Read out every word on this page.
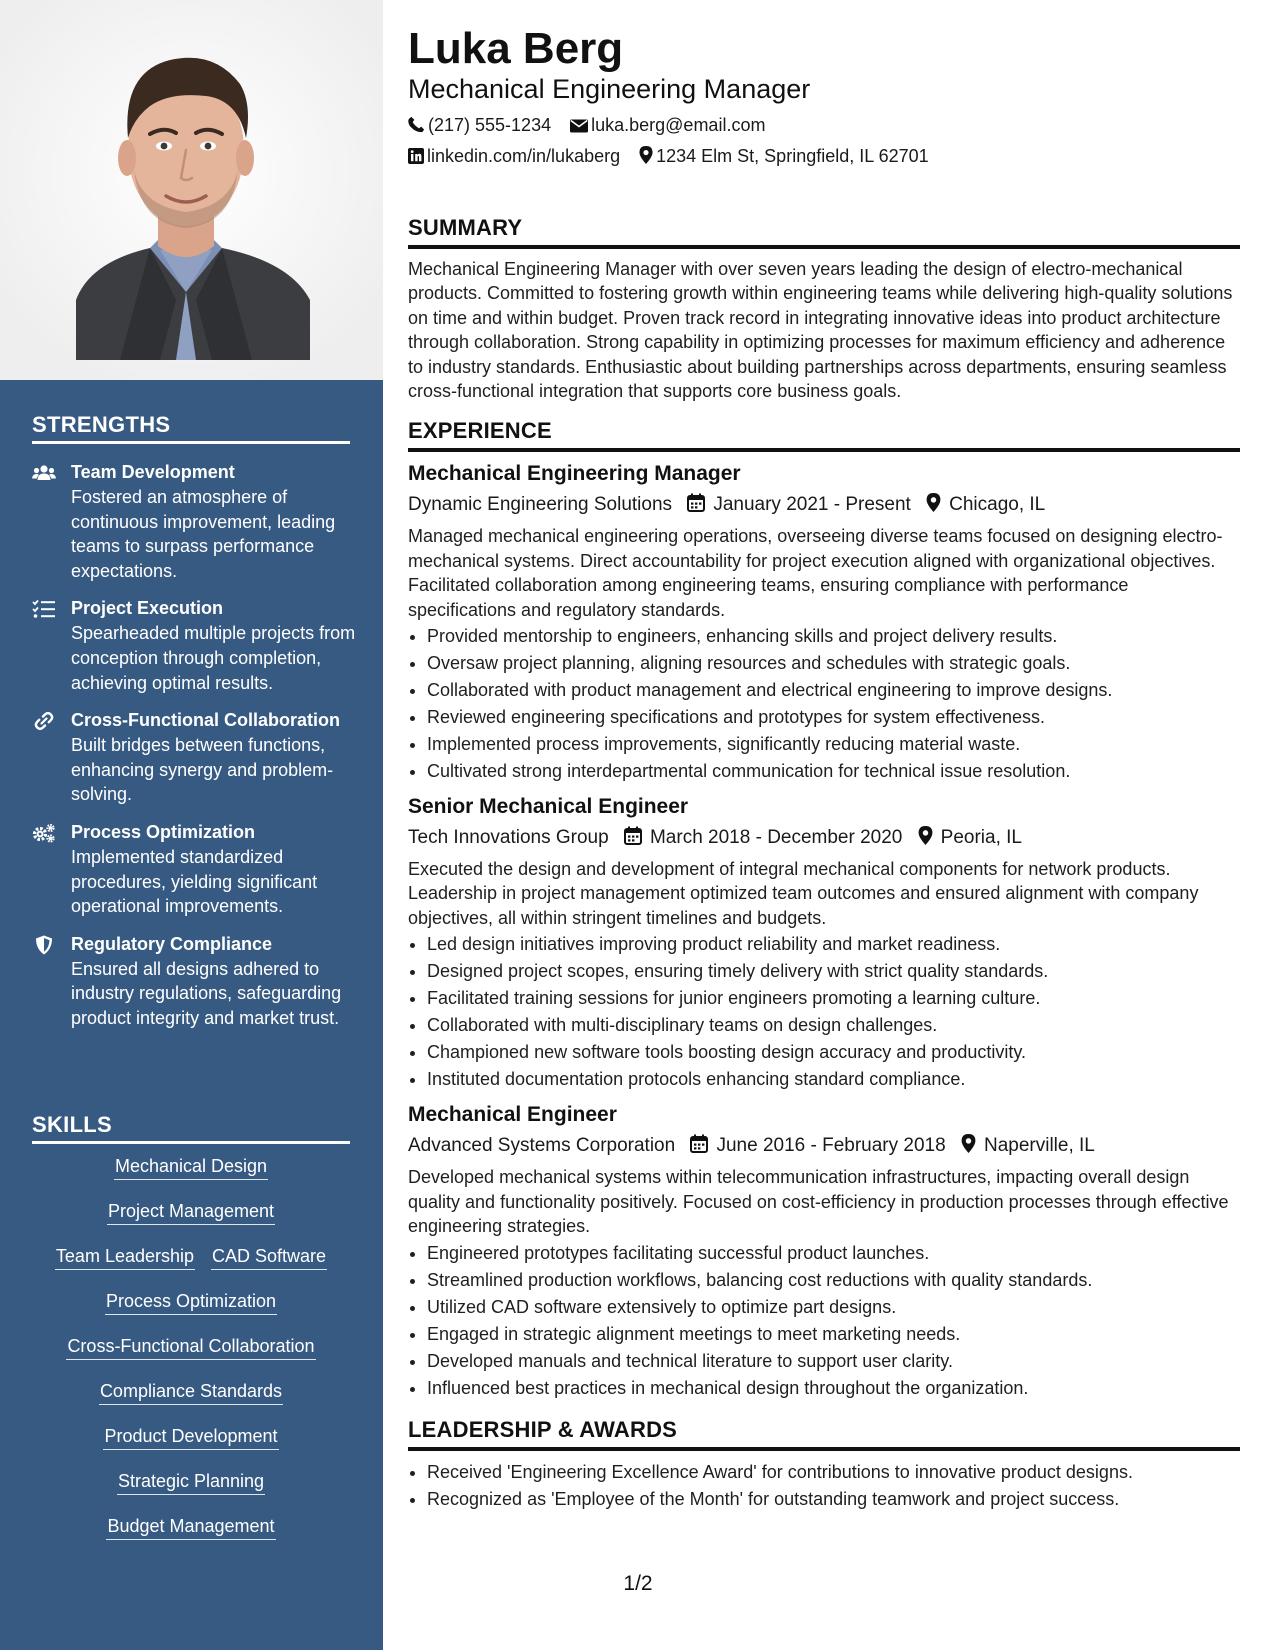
STRENGTHS
Team Development
Fostered an atmosphere of continuous improvement, leading teams to surpass performance expectations.
Project Execution
Spearheaded multiple projects from conception through completion, achieving optimal results.
Cross-Functional Collaboration
Built bridges between functions, enhancing synergy and problem-solving.
Process Optimization
Implemented standardized procedures, yielding significant operational improvements.
Regulatory Compliance
Ensured all designs adhered to industry regulations, safeguarding product integrity and market trust.
SKILLS
Mechanical Design
Project Management
Team Leadership CAD Software
Process Optimization
Cross-Functional Collaboration
Compliance Standards
Product Development
Strategic Planning
Budget Management
Luka Berg
Mechanical Engineering Manager
(217) 555-1234 luka.berg@email.com
linkedin.com/in/lukaberg 1234 Elm St, Springfield, IL 62701
SUMMARY
Mechanical Engineering Manager with over seven years leading the design of electro-mechanical products. Committed to fostering growth within engineering teams while delivering high-quality solutions on time and within budget. Proven track record in integrating innovative ideas into product architecture through collaboration. Strong capability in optimizing processes for maximum efficiency and adherence to industry standards. Enthusiastic about building partnerships across departments, ensuring seamless cross-functional integration that supports core business goals.
EXPERIENCE
Mechanical Engineering Manager
Dynamic Engineering Solutions January 2021 - Present Chicago, IL
Managed mechanical engineering operations, overseeing diverse teams focused on designing electro-mechanical systems. Direct accountability for project execution aligned with organizational objectives. Facilitated collaboration among engineering teams, ensuring compliance with performance specifications and regulatory standards.
• Provided mentorship to engineers, enhancing skills and project delivery results.
• Oversaw project planning, aligning resources and schedules with strategic goals.
• Collaborated with product management and electrical engineering to improve designs.
• Reviewed engineering specifications and prototypes for system effectiveness.
• Implemented process improvements, significantly reducing material waste.
• Cultivated strong interdepartmental communication for technical issue resolution.
Senior Mechanical Engineer
Tech Innovations Group March 2018 - December 2020 Peoria, IL
Executed the design and development of integral mechanical components for network products. Leadership in project management optimized team outcomes and ensured alignment with company objectives, all within stringent timelines and budgets.
• Led design initiatives improving product reliability and market readiness.
• Designed project scopes, ensuring timely delivery with strict quality standards.
• Facilitated training sessions for junior engineers promoting a learning culture.
• Collaborated with multi-disciplinary teams on design challenges.
• Championed new software tools boosting design accuracy and productivity.
• Instituted documentation protocols enhancing standard compliance.
Mechanical Engineer
Advanced Systems Corporation June 2016 - February 2018 Naperville, IL
Developed mechanical systems within telecommunication infrastructures, impacting overall design quality and functionality positively. Focused on cost-efficiency in production processes through effective engineering strategies.
• Engineered prototypes facilitating successful product launches.
• Streamlined production workflows, balancing cost reductions with quality standards.
• Utilized CAD software extensively to optimize part designs.
• Engaged in strategic alignment meetings to meet marketing needs.
• Developed manuals and technical literature to support user clarity.
• Influenced best practices in mechanical design throughout the organization.
LEADERSHIP & AWARDS
• Received 'Engineering Excellence Award' for contributions to innovative product designs.
• Recognized as 'Employee of the Month' for outstanding teamwork and project success.
1/2
